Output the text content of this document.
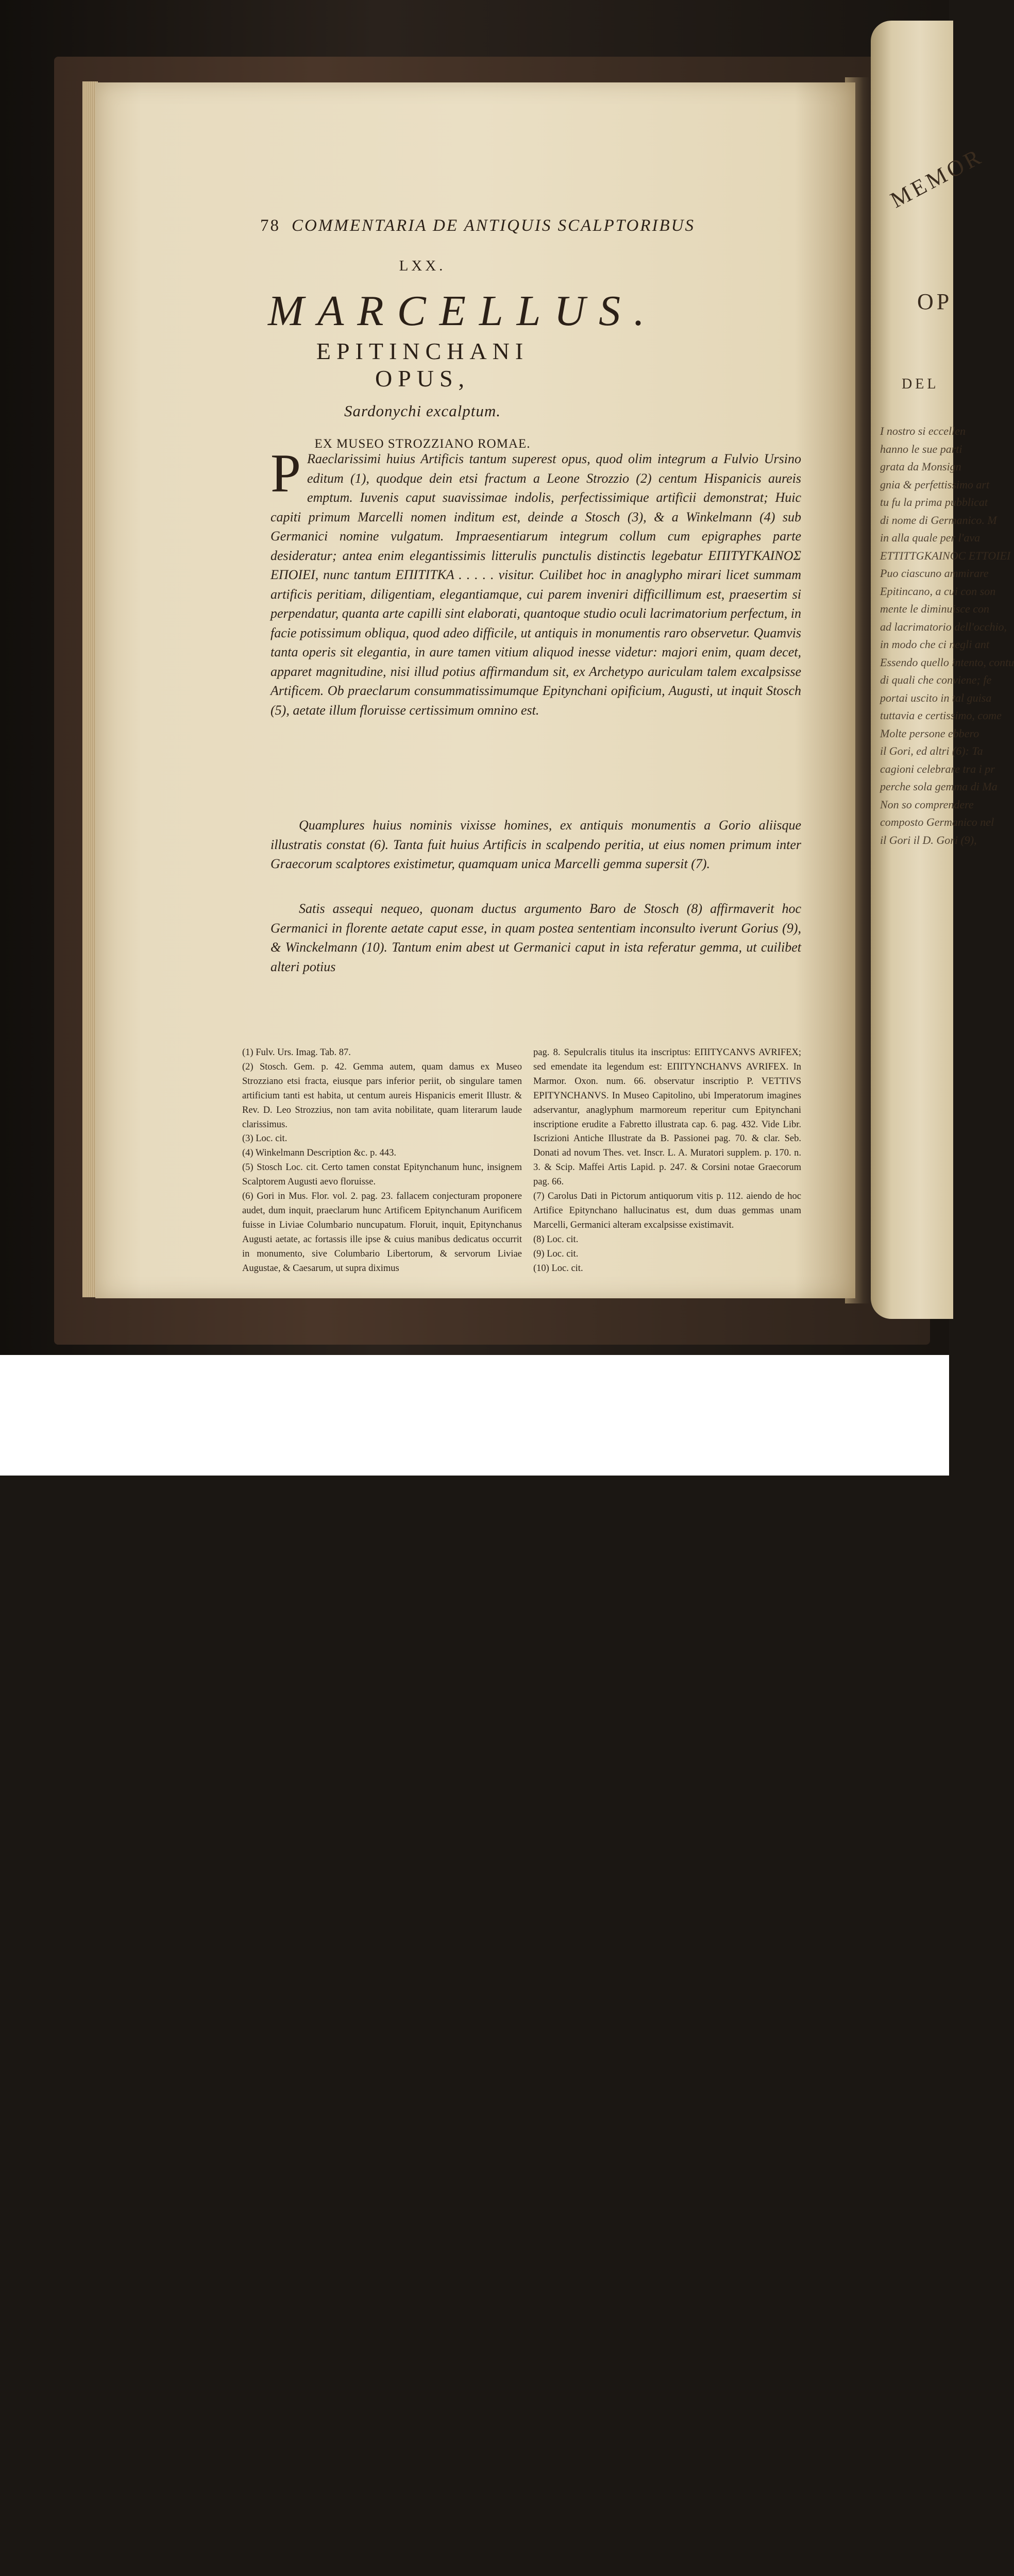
MEMOR
OP
DEL
I nostro si eccellen
hanno le sue parti
grata da Monsign
gnia & perfettissimo art
tu fu la prima pubblicat
di nome di Germanico. M
in alla quale per l'ava
ETTITTGKAINOC ETTOIEI
Puo ciascuno ammirare
Epitincano, a cui con son
mente le diminuisce con
ad lacrimatorio dell'occhio,
in modo che ci negli ant
Essendo quello intento, contu
di quali che conviene; fe
portai uscito in tal guisa
tuttavia e certissimo, come
Molte persone ebbero
il Gori, ed altri (6): Ta
cagioni celebrare tra i pr
perche sola gemma di Ma
Non so comprendere
composto Germanico nel
il Gori il D. Gori (9),
78 COMMENTARIA DE ANTIQUIS SCALPTORIBUS
LXX.
MARCELLUS.
EPITINCHANI OPUS,
Sardonychi excalptum.
EX MUSEO STROZZIANO ROMAE.
P Raeclarissimi huius Artificis tantum superest opus, quod olim integrum a Fulvio Ursino editum (1), quodque dein etsi fractum a Leone Strozzio (2) centum Hispanicis aureis emptum. Iuvenis caput suavissimae indolis, perfectissimique artificii demonstrat; Huic capiti primum Marcelli nomen inditum est, deinde a Stosch (3), & a Winkelmann (4) sub Germanici nomine vulgatum. Impraesentiarum integrum collum cum epigraphes parte desideratur; antea enim elegantissimis litterulis punctulis distinctis legebatur ΕΠΙΤΥΓΚΑΙΝΟΣ ΕΠΟΙΕΙ, nunc tantum ΕΠΙΤΙΤΚΑ . . . . . visitur. Cuilibet hoc in anaglypho mirari licet summam artificis peritiam, diligentiam, elegantiamque, cui parem inveniri difficillimum est, praesertim si perpendatur, quanta arte capilli sint elaborati, quantoque studio oculi lacrimatorium perfectum, in facie potissimum obliqua, quod adeo difficile, ut antiquis in monumentis raro observetur. Quamvis tanta operis sit elegantia, in aure tamen vitium aliquod inesse videtur: majori enim, quam decet, apparet magnitudine, nisi illud potius affirmandum sit, ex Archetypo auriculam talem excalpsisse Artificem. Ob praeclarum consummatissimumque Epitynchani opificium, Augusti, ut inquit Stosch (5), aetate illum floruisse certissimum omnino est.
Quamplures huius nominis vixisse homines, ex antiquis monumentis a Gorio aliisque illustratis constat (6). Tanta fuit huius Artificis in scalpendo peritia, ut eius nomen primum inter Graecorum scalptores existimetur, quamquam unica Marcelli gemma supersit (7).
Satis assequi nequeo, quonam ductus argumento Baro de Stosch (8) affirmaverit hoc Germanici in florente aetate caput esse, in quam postea sententiam inconsulto iverunt Gorius (9), & Winckelmann (10). Tantum enim abest ut Germanici caput in ista referatur gemma, ut cuilibet alteri potius
(1) Fulv. Urs. Imag. Tab. 87.
(2) Stosch. Gem. p. 42. Gemma autem, quam damus ex Museo Strozziano etsi fracta, eiusque pars inferior periit, ob singulare tamen artificium tanti est habita, ut centum aureis Hispanicis emerit Illustr. & Rev. D. Leo Strozzius, non tam avita nobilitate, quam literarum laude clarissimus.
(3) Loc. cit.
(4) Winkelmann Description &c. p. 443.
(5) Stosch Loc. cit. Certo tamen constat Epitynchanum hunc, insignem Scalptorem Augusti aevo floruisse.
(6) Gori in Mus. Flor. vol. 2. pag. 23. fallacem conjecturam proponere audet, dum inquit, praeclarum hunc Artificem Epitynchanum Aurificem fuisse in Liviae Columbario nuncupatum. Floruit, inquit, Epitynchanus Augusti aetate, ac fortassis ille ipse & cuius manibus dedicatus occurrit in monumento, sive Columbario Libertorum, & servorum Liviae Augustae, & Caesarum, ut supra diximus
pag. 8. Sepulcralis titulus ita inscriptus: ΕΠΙΤΥCΑΝVS AVRIFEX; sed emendate ita legendum est: ΕΠΙΤΥΝCΗΑΝVS AVRIFEX. In Marmor. Oxon. num. 66. observatur inscriptio P. VETTIVS EPITYNCHANVS. In Museo Capitolino, ubi Imperatorum imagines adservantur, anaglyphum marmoreum reperitur cum Epitynchani inscriptione erudite a Fabretto illustrata cap. 6. pag. 432. Vide Libr. Iscrizioni Antiche Illustrate da B. Passionei pag. 70. & clar. Seb. Donati ad novum Thes. vet. Inscr. L. A. Muratori supplem. p. 170. n. 3. & Scip. Maffei Artis Lapid. p. 247. & Corsini notae Graecorum pag. 66.
(7) Carolus Dati in Pictorum antiquorum vitis p. 112. aiendo de hoc Artifice Epitynchano hallucinatus est, dum duas gemmas unam Marcelli, Germanici alteram excalpsisse existimavit.
(8) Loc. cit.
(9) Loc. cit.
(10) Loc. cit.
